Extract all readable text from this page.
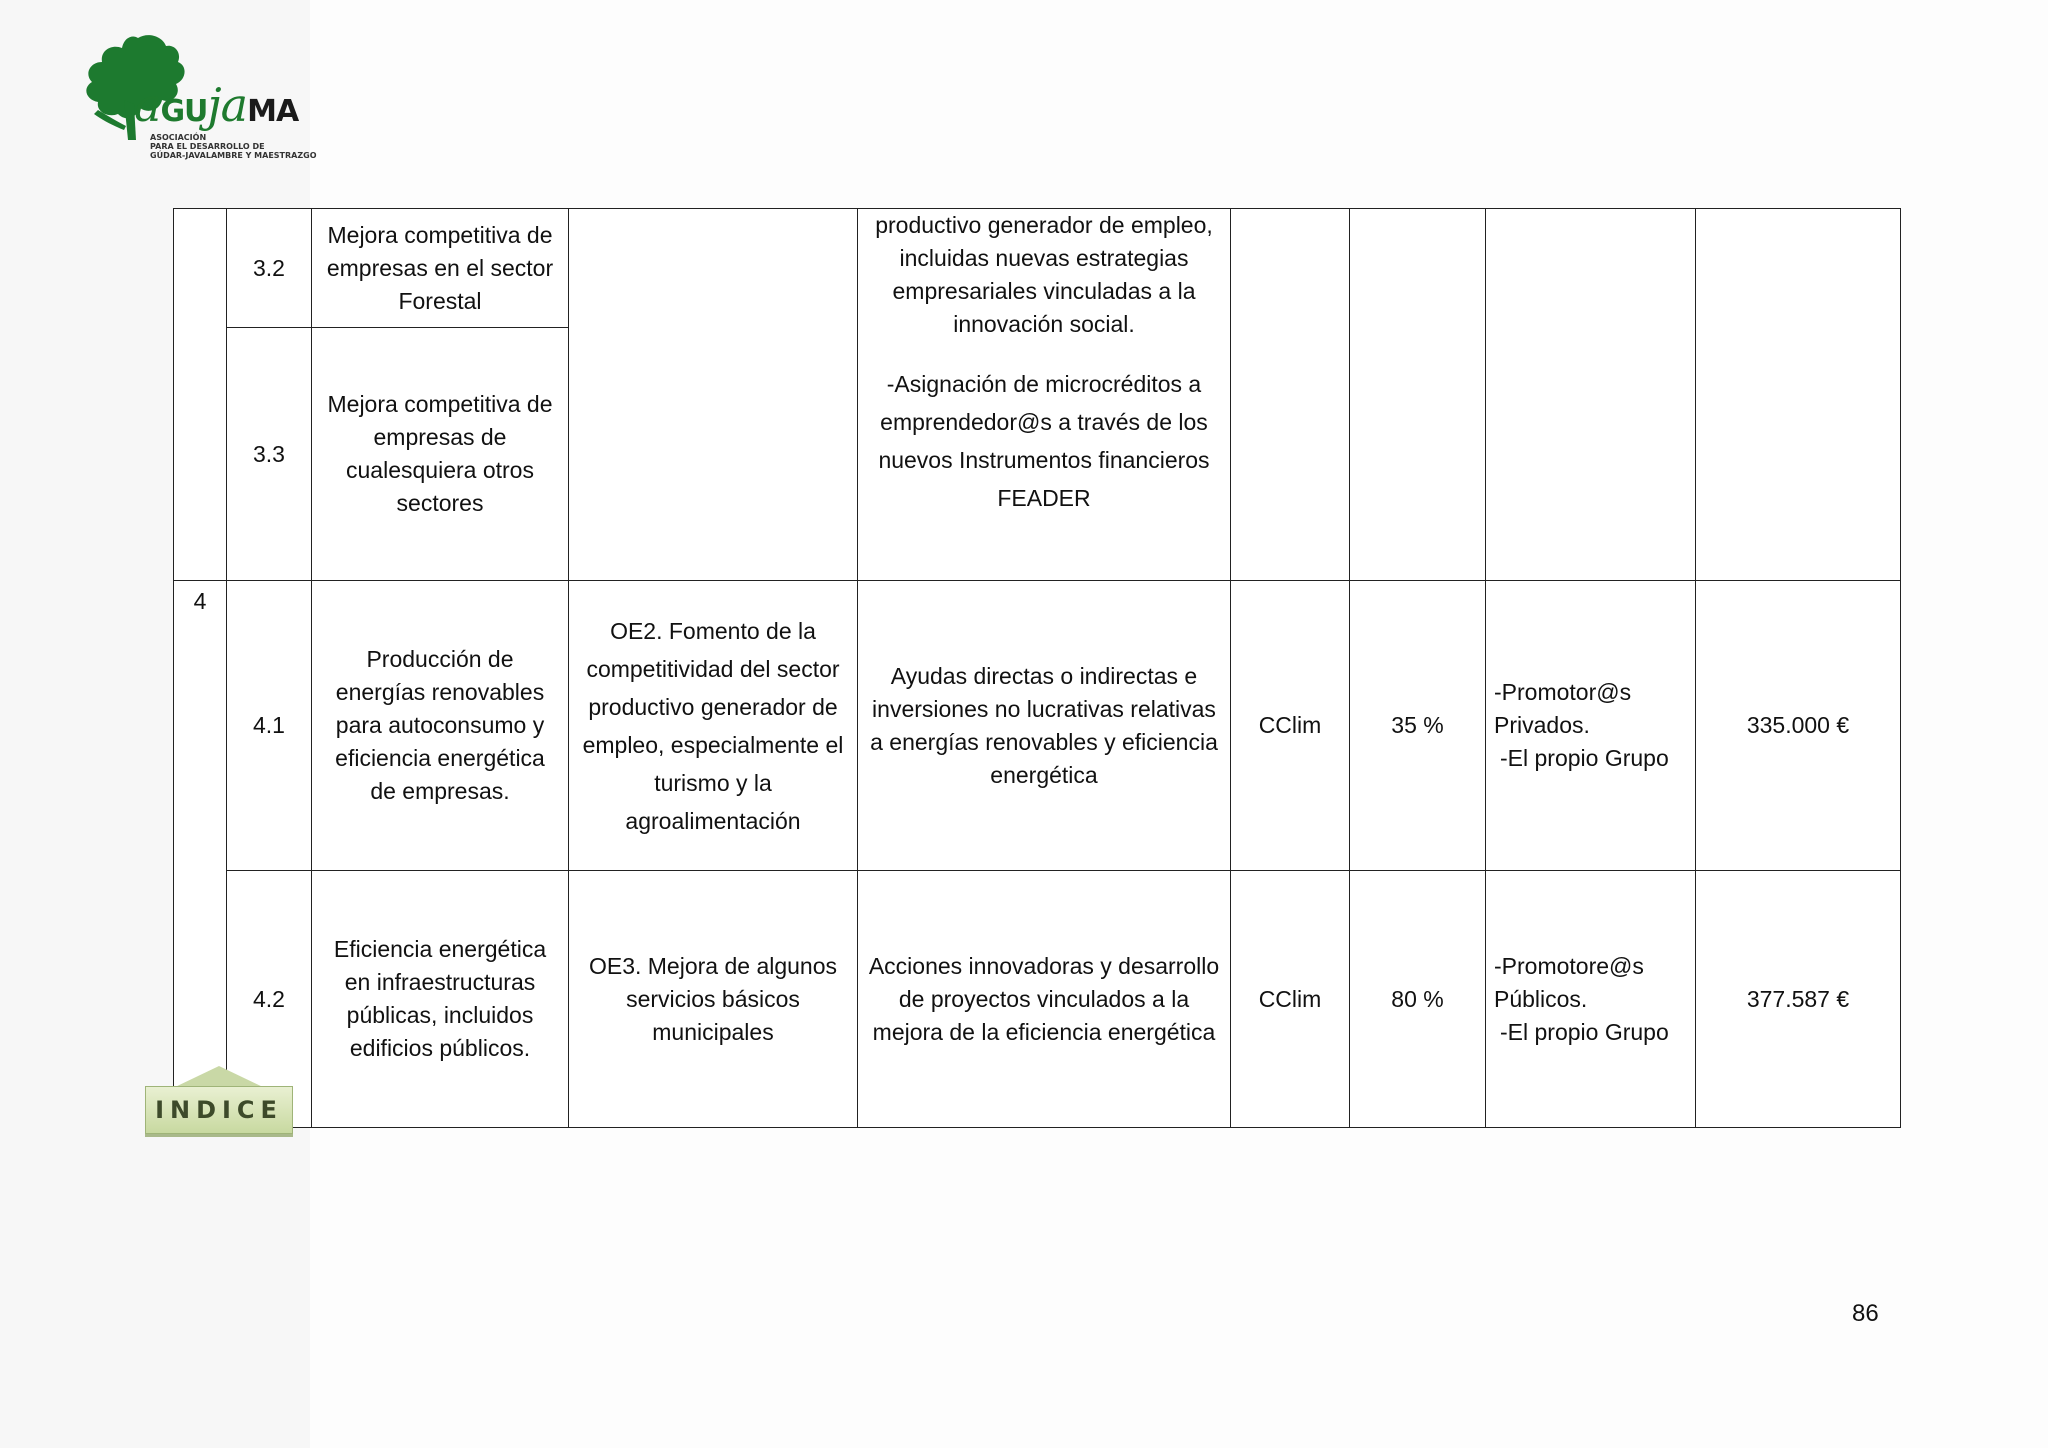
aGUjaMA
ASOCIACIÓN
PARA EL DESARROLLO DE
GÚDAR-JAVALAMBRE Y MAESTRAZGO
	3.2	Mejora competitiva de empresas en el sector Forestal		productivo generador de empleo, incluidas nuevas estrategias empresariales vinculadas a la innovación social.

-Asignación de microcréditos a emprendedor@s a través de los nuevos Instrumentos financieros FEADER				

	3.3	Mejora competitiva de empresas de cualesquiera otros sectores						
4	4.1	Producción de energías renovables para autoconsumo y eficiencia energética de empresas.	OE2. Fomento de la competitividad del sector productivo generador de empleo, especialmente el turismo y la agroalimentación	Ayudas directas o indirectas e inversiones no lucrativas relativas a energías renovables y eficiencia energética	CClim	35 %	-Promotor@s
Privados.
-El propio Grupo	335.000 €
	4.2	Eficiencia energética en infraestructuras públicas, incluidos edificios públicos.	OE3. Mejora de algunos servicios básicos municipales	Acciones innovadoras y desarrollo de proyectos vinculados a la mejora de la eficiencia energética	CClim	80 %	-Promotore@s
Públicos.
-El propio Grupo	377.587 €
INDICE
86
